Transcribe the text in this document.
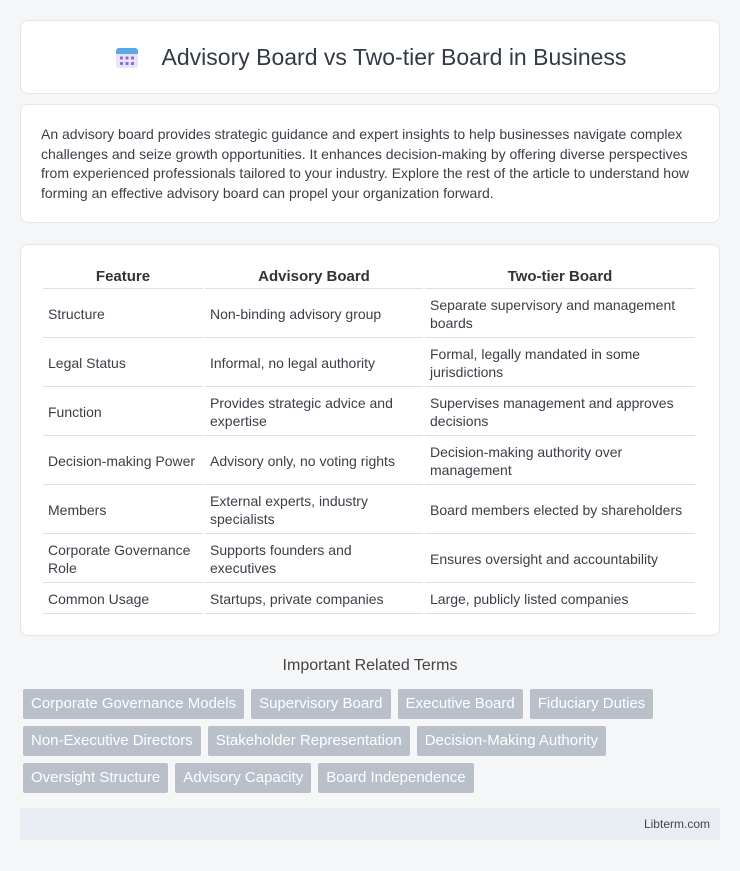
Advisory Board vs Two-tier Board in Business

An advisory board provides strategic guidance and expert insights to help businesses navigate complex challenges and seize growth opportunities. It enhances decision-making by offering diverse perspectives from experienced professionals tailored to your industry. Explore the rest of the article to understand how forming an effective advisory board can propel your organization forward.

Feature	Advisory Board	Two-tier Board
Structure	Non-binding advisory group	Separate supervisory and management boards
Legal Status	Informal, no legal authority	Formal, legally mandated in some jurisdictions
Function	Provides strategic advice and expertise	Supervises management and approves decisions
Decision-making Power	Advisory only, no voting rights	Decision-making authority over management
Members	External experts, industry specialists	Board members elected by shareholders
Corporate Governance Role	Supports founders and executives	Ensures oversight and accountability
Common Usage	Startups, private companies	Large, publicly listed companies
Important Related Terms
Corporate Governance Models	Supervisory Board	Executive Board	Fiduciary Duties
Non-Executive Directors	Stakeholder Representation	Decision-Making Authority
Oversight Structure	Advisory Capacity	Board Independence
Libterm.com
